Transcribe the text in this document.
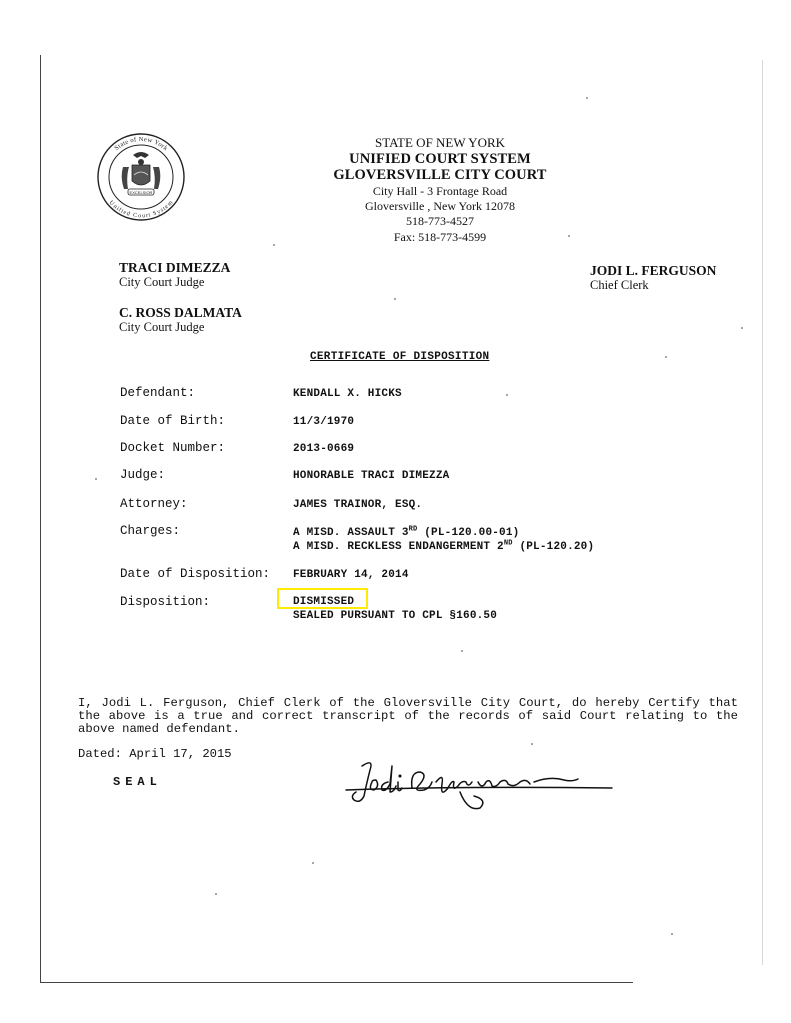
State of New York
Unified Court System
EXCELSIOR
STATE OF NEW YORK
UNIFIED COURT SYSTEM
GLOVERSVILLE CITY COURT
City Hall - 3 Frontage Road
Gloversville , New York 12078
518-773-4527
Fax: 518-773-4599
TRACI DIMEZZA
City Court Judge
C. ROSS DALMATA
City Court Judge
JODI L. FERGUSON
Chief Clerk
CERTIFICATE OF DISPOSITION
Defendant:	KENDALL X. HICKS
Date of Birth:	11/3/1970
Docket Number:	2013-0669
Judge:	HONORABLE TRACI DIMEZZA
Attorney:	JAMES TRAINOR, ESQ.
Charges:	A MISD. ASSAULT 3RD (PL-120.00-01)
A MISD. RECKLESS ENDANGERMENT 2ND (PL-120.20)
Date of Disposition: FEBRUARY 14, 2014
Disposition:	DISMISSED
SEALED PURSUANT TO CPL §160.50
I, Jodi L. Ferguson, Chief Clerk of the Gloversville City Court, do hereby Certify that the above is a true and correct transcript of the records of said Court relating to the above named defendant.
Dated: April 17, 2015
SEAL
